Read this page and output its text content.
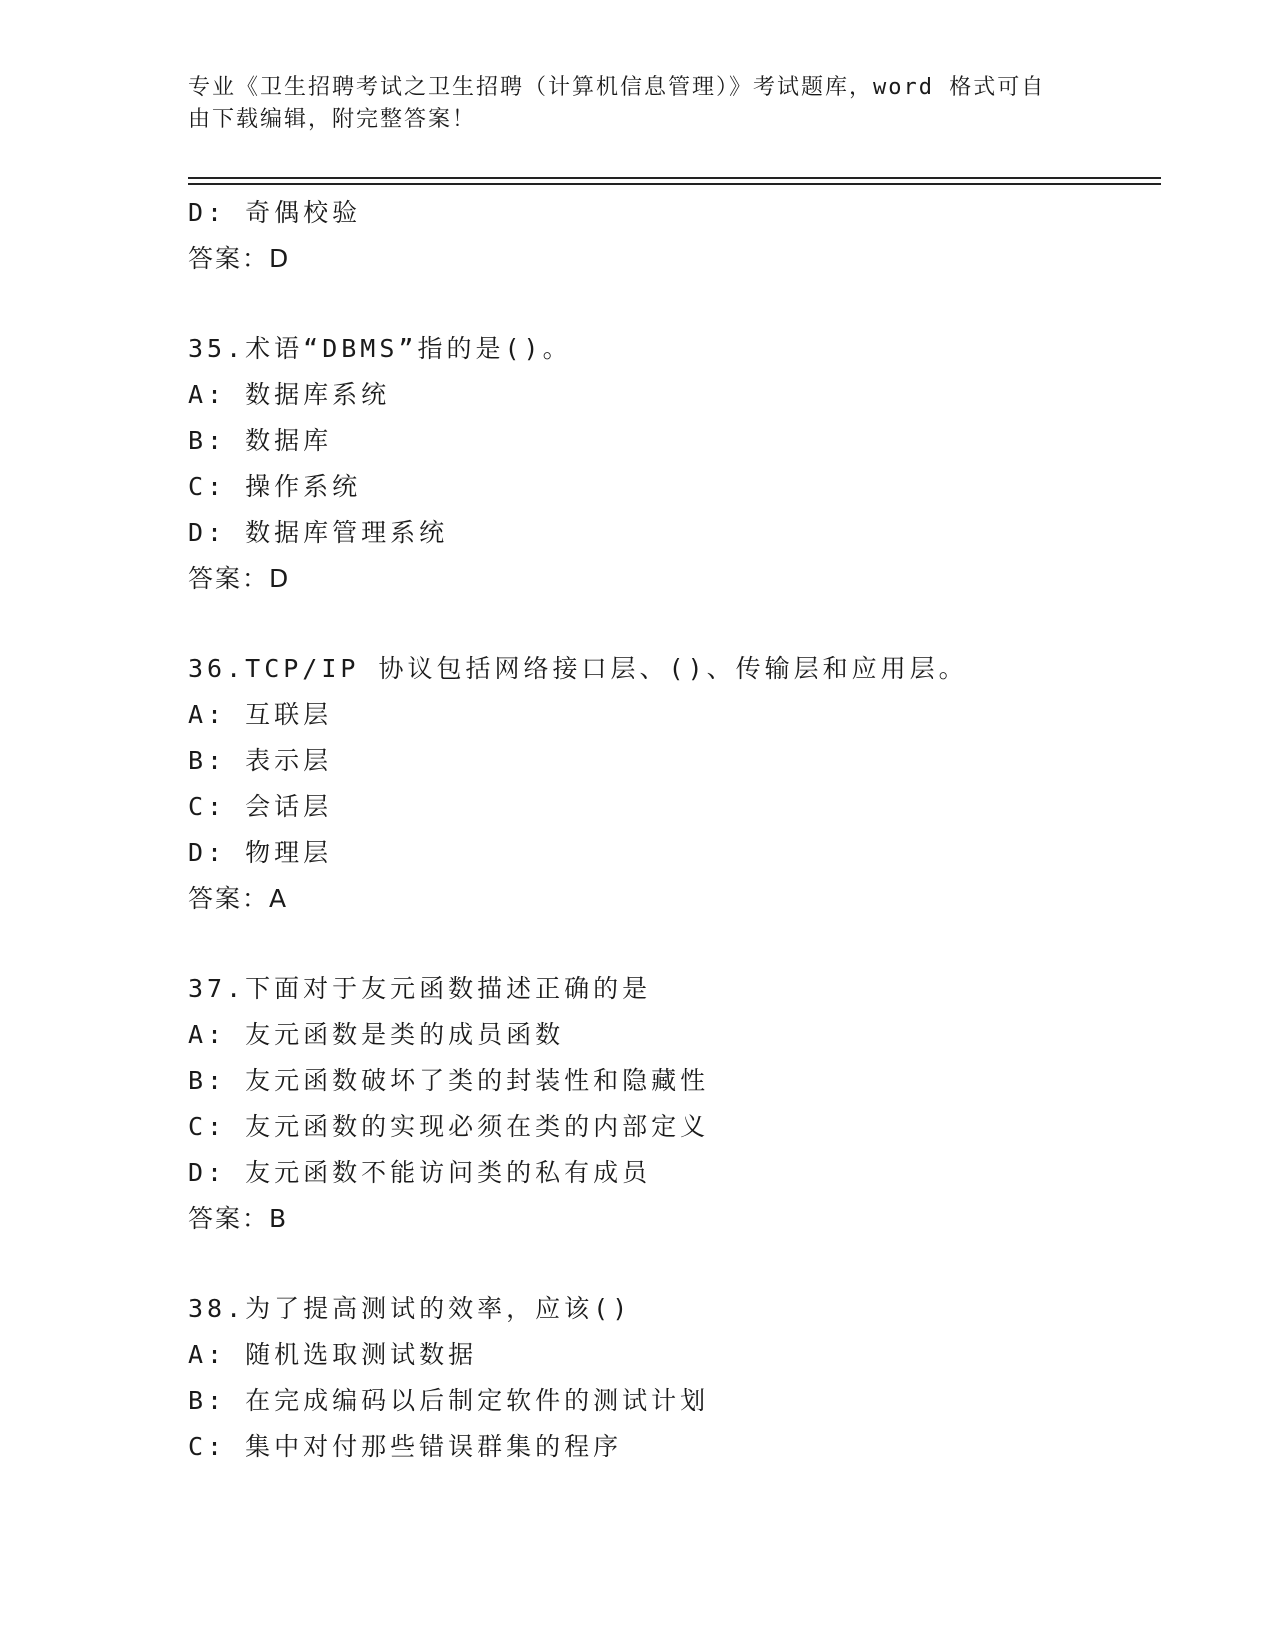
专业《卫生招聘考试之卫生招聘（计算机信息管理）》考试题库，word 格式可自
由下载编辑，附完整答案！
D: 奇偶校验
答案：D
35.术语“DBMS”指的是()。
A: 数据库系统
B: 数据库
C: 操作系统
D: 数据库管理系统
答案：D
36.TCP/IP 协议包括网络接口层、()、传输层和应用层。
A: 互联层
B: 表示层
C: 会话层
D: 物理层
答案：A
37.下面对于友元函数描述正确的是
A: 友元函数是类的成员函数
B: 友元函数破坏了类的封装性和隐藏性
C: 友元函数的实现必须在类的内部定义
D: 友元函数不能访问类的私有成员
答案：B
38.为了提高测试的效率，应该()
A: 随机选取测试数据
B: 在完成编码以后制定软件的测试计划
C: 集中对付那些错误群集的程序
